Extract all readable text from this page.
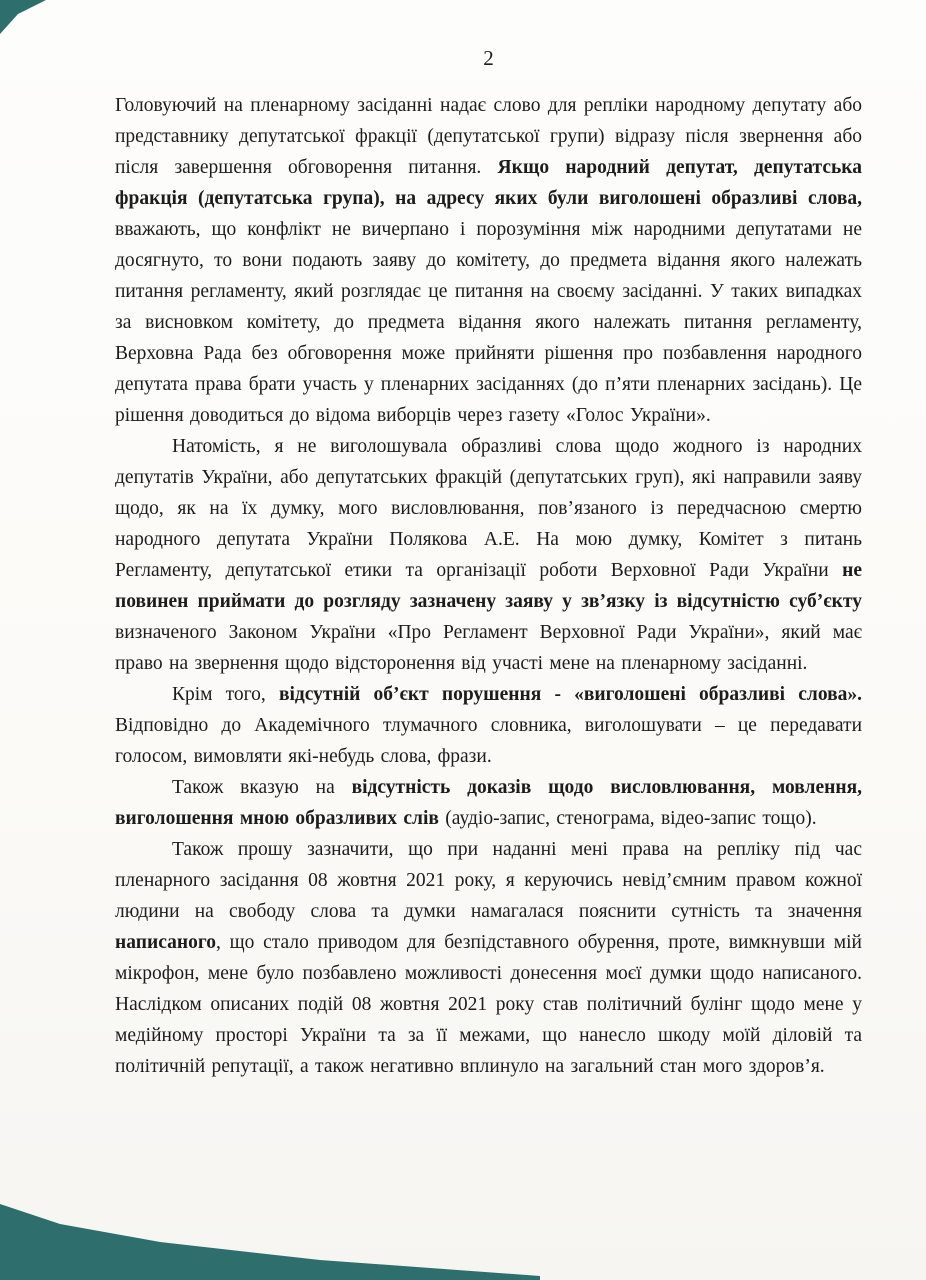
2

Головуючий на пленарному засіданні надає слово для репліки народному депутату або представнику депутатської фракції (депутатської групи) відразу після звернення або після завершення обговорення питання. Якщо народний депутат, депутатська фракція (депутатська група), на адресу яких були виголошені образливі слова, вважають, що конфлікт не вичерпано і порозуміння між народними депутатами не досягнуто, то вони подають заяву до комітету, до предмета відання якого належать питання регламенту, який розглядає це питання на своєму засіданні. У таких випадках за висновком комітету, до предмета відання якого належать питання регламенту, Верховна Рада без обговорення може прийняти рішення про позбавлення народного депутата права брати участь у пленарних засіданнях (до п’яти пленарних засідань). Це рішення доводиться до відома виборців через газету «Голос України».

Натомість, я не виголошувала образливі слова щодо жодного із народних депутатів України, або депутатських фракцій (депутатських груп), які направили заяву щодо, як на їх думку, мого висловлювання, пов’язаного із передчасною смертю народного депутата України Полякова А.Е. На мою думку, Комітет з питань Регламенту, депутатської етики та організації роботи Верховної Ради України не повинен приймати до розгляду зазначену заяву у зв’язку із відсутністю суб’єкту визначеного Законом України «Про Регламент Верховної Ради України», який має право на звернення щодо відсторонення від участі мене на пленарному засіданні.

Крім того, відсутній об’єкт порушення - «виголошені образливі слова». Відповідно до Академічного тлумачного словника, виголошувати – це передавати голосом, вимовляти які-небудь слова, фрази.

Також вказую на відсутність доказів щодо висловлювання, мовлення, виголошення мною образливих слів (аудіо-запис, стенограма, відео-запис тощо).

Також прошу зазначити, що при наданні мені права на репліку під час пленарного засідання 08 жовтня 2021 року, я керуючись невід’ємним правом кожної людини на свободу слова та думки намагалася пояснити сутність та значення написаного, що стало приводом для безпідставного обурення, проте, вимкнувши мій мікрофон, мене було позбавлено можливості донесення моєї думки щодо написаного. Наслідком описаних подій 08 жовтня 2021 року став політичний булінг щодо мене у медійному просторі України та за її межами, що нанесло шкоду моїй діловій та політичній репутації, а також негативно вплинуло на загальний стан мого здоров’я.
